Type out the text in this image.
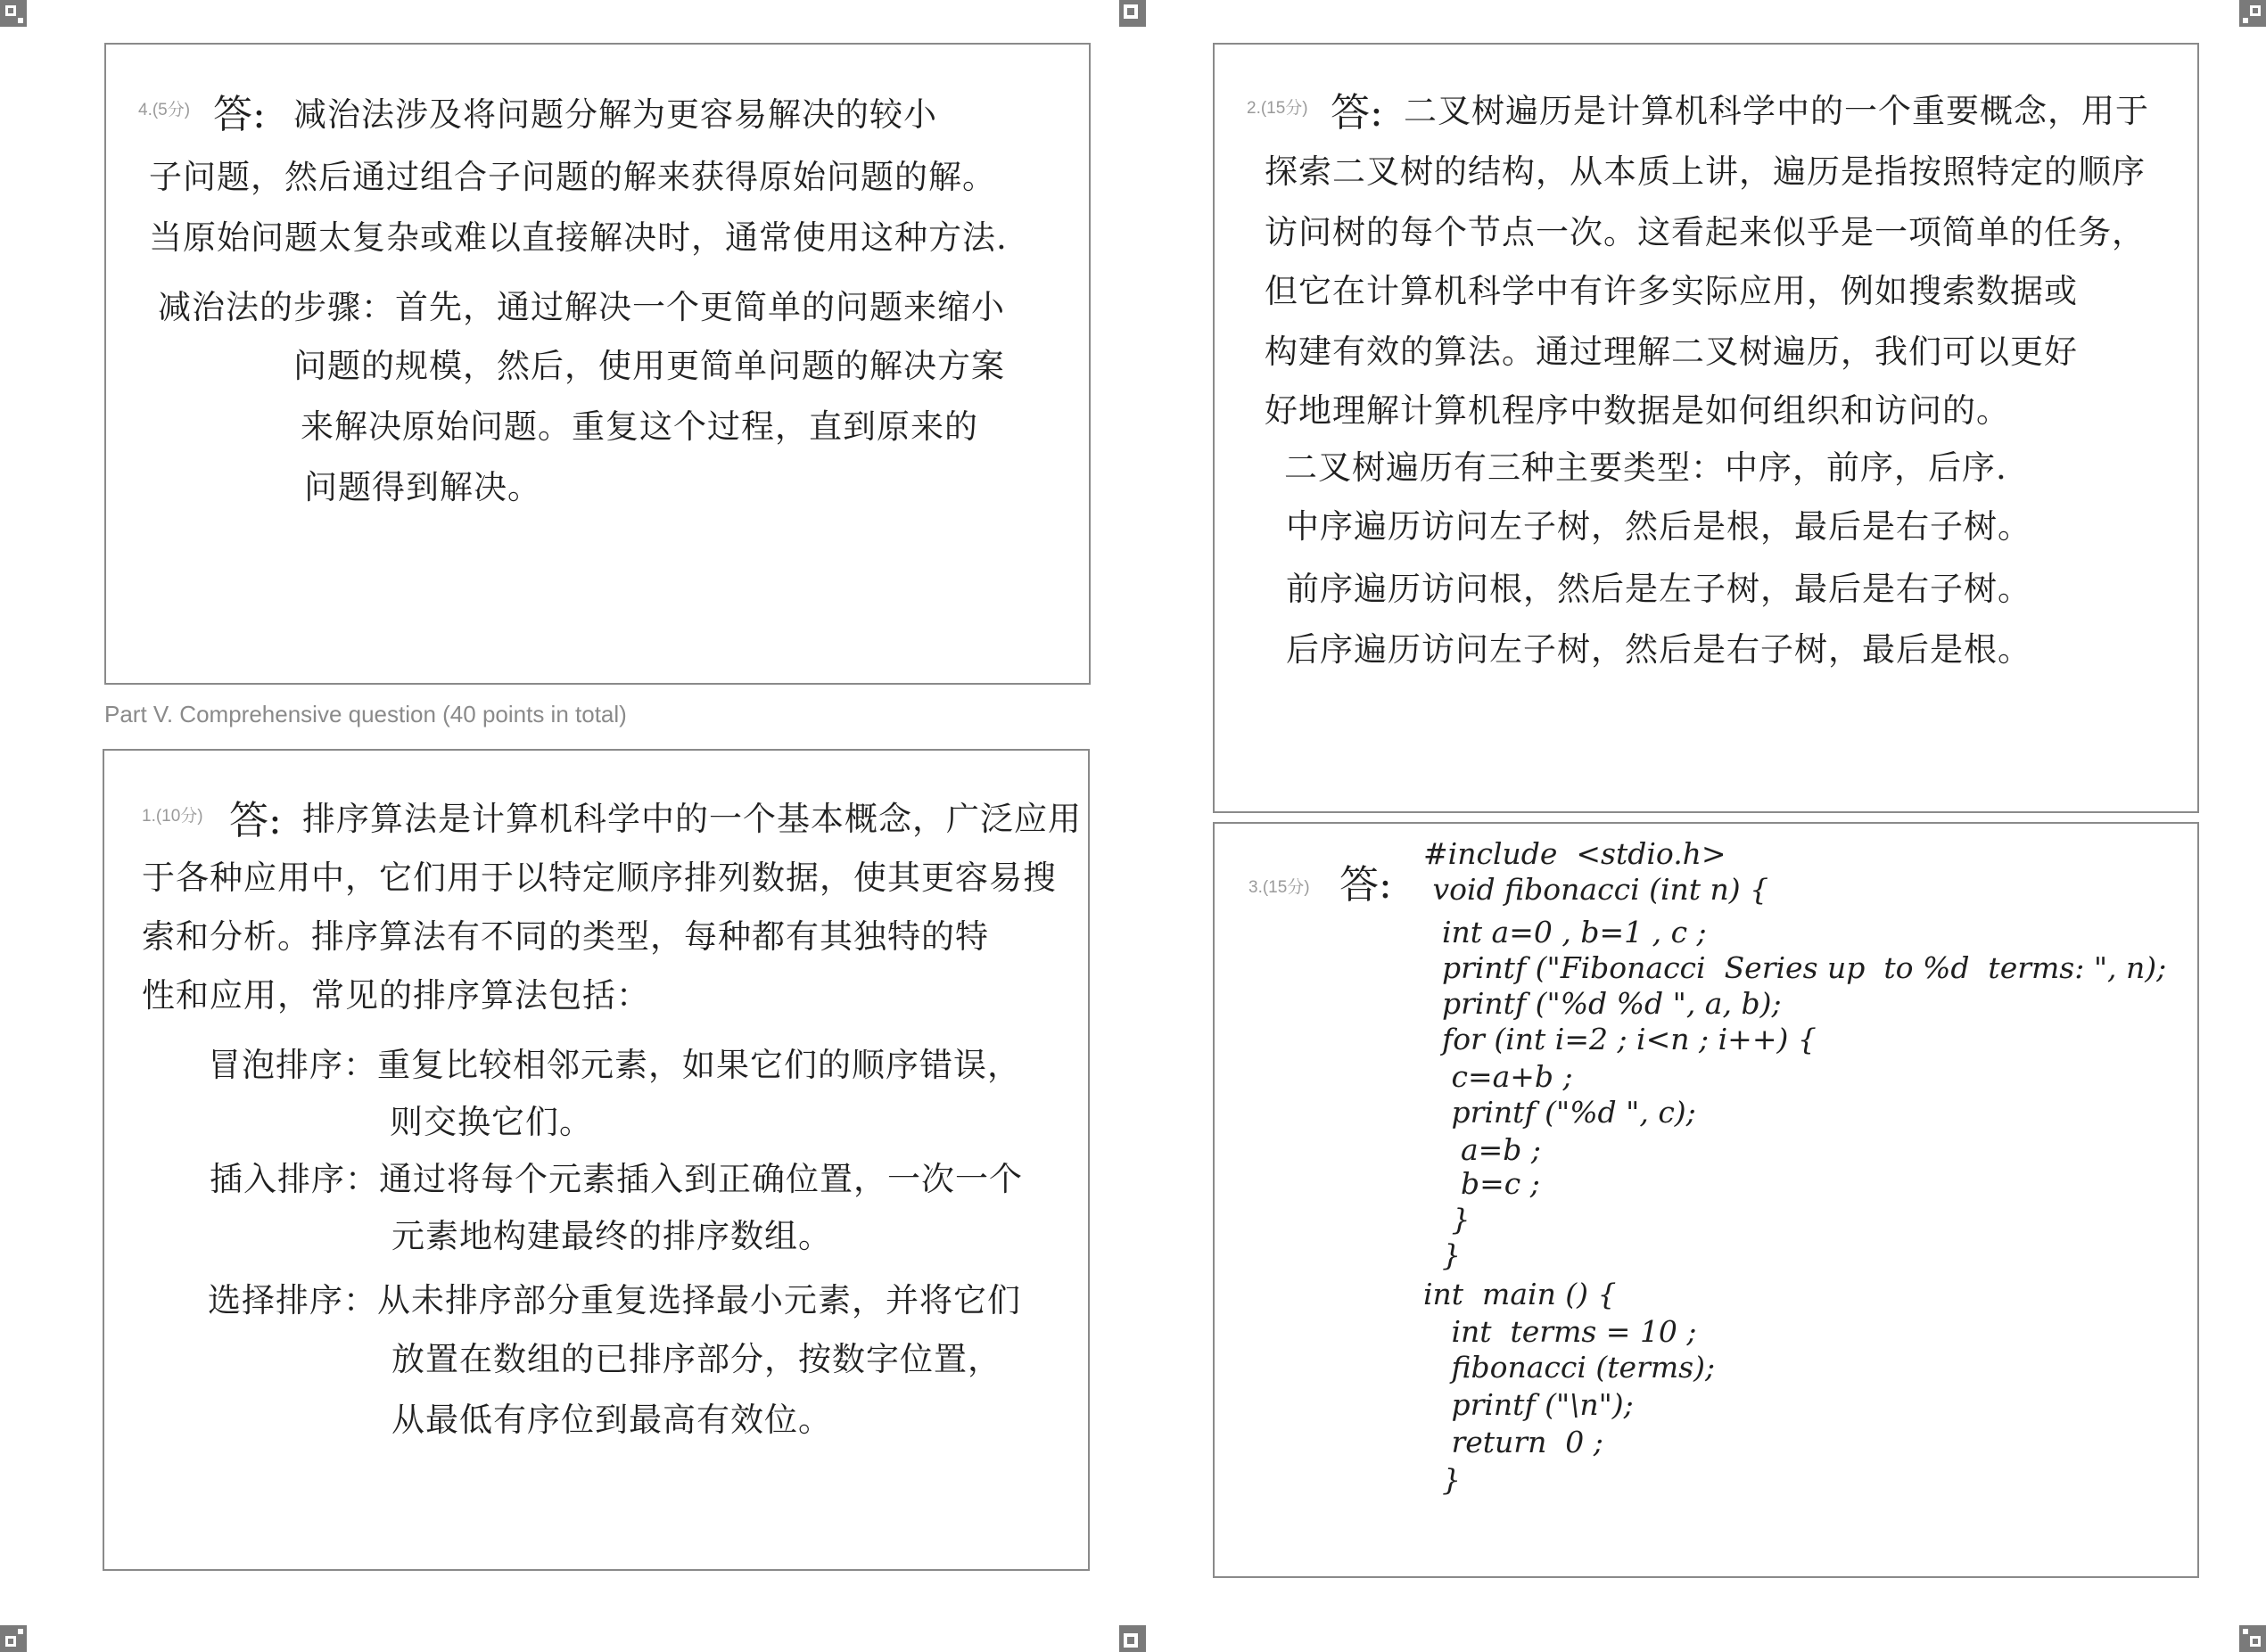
4.(5分) 答: 减治法涉及将问题分解为更容易解决的较小
子问题，然后通过组合子问题的解来获得原始问题的解。
当原始问题太复杂或难以直接解决时，通常使用这种方法.
减治法的步骤：首先，通过解决一个更简单的问题来缩小
问题的规模，然后，使用更简单问题的解决方案
来解决原始问题。重复这个过程，直到原来的
问题得到解决。
Part V. Comprehensive question (40 points in total)
1.(10分) 答: 排序算法是计算机科学中的一个基本概念，广泛应用
于各种应用中，它们用于以特定顺序排列数据，使其更容易搜
索和分析。排序算法有不同的类型，每种都有其独特的特
性和应用，常见的排序算法包括：
冒泡排序：重复比较相邻元素，如果它们的顺序错误，
则交换它们。
插入排序：通过将每个元素插入到正确位置，一次一个
元素地构建最终的排序数组。
选择排序：从未排序部分重复选择最小元素，并将它们
放置在数组的已排序部分，按数字位置，
从最低有序位到最高有效位。
2.(15分) 答: 二叉树遍历是计算机科学中的一个重要概念，用于
探索二叉树的结构，从本质上讲，遍历是指按照特定的顺序
访问树的每个节点一次。这看起来似乎是一项简单的任务，
但它在计算机科学中有许多实际应用，例如搜索数据或
构建有效的算法。通过理解二叉树遍历，我们可以更好
好地理解计算机程序中数据是如何组织和访问的。
二叉树遍历有三种主要类型：中序，前序，后序.
中序遍历访问左子树，然后是根，最后是右子树。
前序遍历访问根，然后是左子树，最后是右子树。
后序遍历访问左子树，然后是右子树，最后是根。
3.(15分) 答:
#include  <stdio.h>
void fibonacci (int n) {
int a=0 , b=1 , c ;
printf ("Fibonacci  Series up  to %d  terms: ", n);
printf ("%d %d ", a, b);
for (int i=2 ; i<n ; i++) {
c=a+b ;
printf ("%d ", c);
a=b ;
b=c ;
}
}
int  main () {
int  terms = 10 ;
fibonacci (terms);
printf ("\n");
return  0 ;
}
